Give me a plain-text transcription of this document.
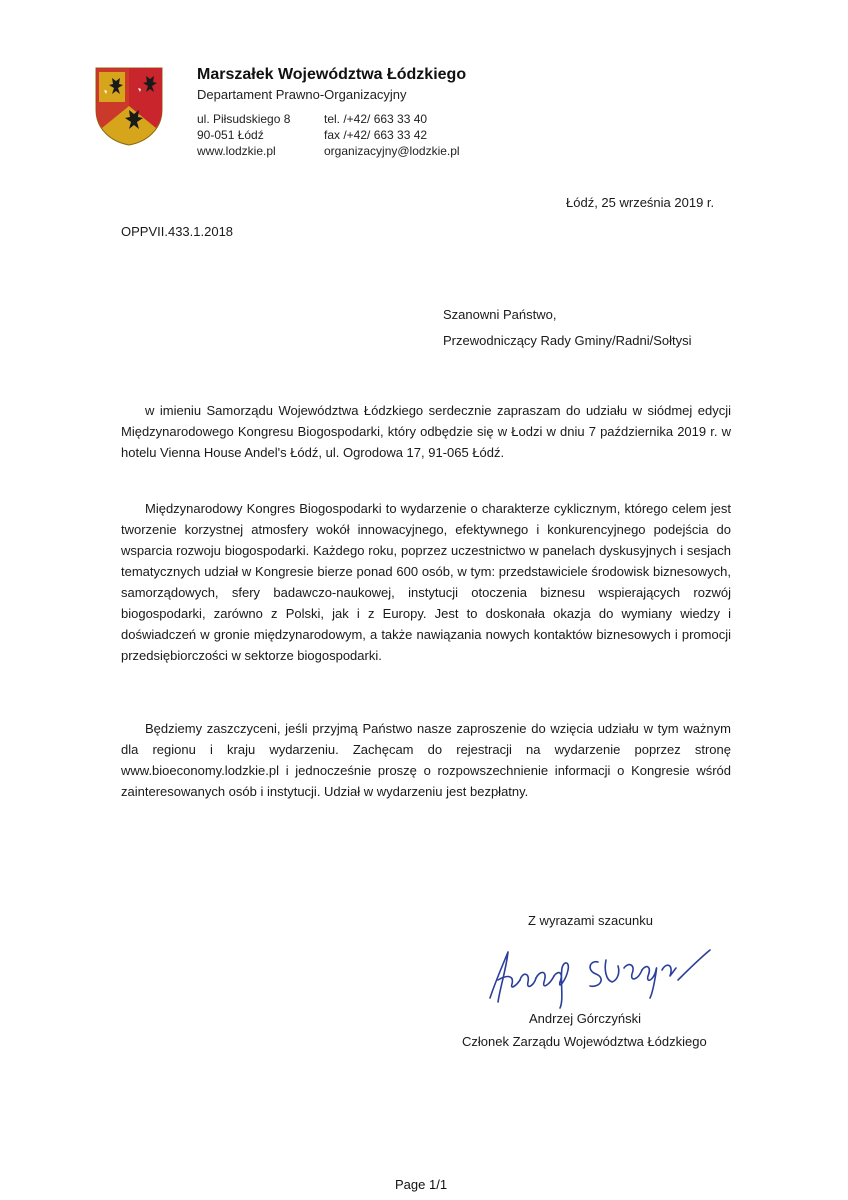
Marszałek Województwa Łódzkiego
Departament Prawno-Organizacyjny
ul. Piłsudskiego 8
90-051 Łódź
www.lodzkie.pl
tel. /+42/ 663 33 40
fax /+42/ 663 33 42
organizacyjny@lodzkie.pl
Łódź, 25 września 2019 r.
OPPVII.433.1.2018
Szanowni Państwo,
Przewodniczący Rady Gminy/Radni/Sołtysi

w imieniu Samorządu Województwa Łódzkiego serdecznie zapraszam do udziału w siódmej edycji Międzynarodowego Kongresu Biogospodarki, który odbędzie się w Łodzi w dniu 7 października 2019 r. w hotelu Vienna House Andel's Łódź, ul. Ogrodowa 17, 91-065 Łódź.

Międzynarodowy Kongres Biogospodarki to wydarzenie o charakterze cyklicznym, którego celem jest tworzenie korzystnej atmosfery wokół innowacyjnego, efektywnego i konkurencyjnego podejścia do wsparcia rozwoju biogospodarki. Każdego roku, poprzez uczestnictwo w panelach dyskusyjnych i sesjach tematycznych udział w Kongresie bierze ponad 600 osób, w tym: przedstawiciele środowisk biznesowych, samorządowych, sfery badawczo-naukowej, instytucji otoczenia biznesu wspierających rozwój biogospodarki, zarówno z Polski, jak i z Europy. Jest to doskonała okazja do wymiany wiedzy i doświadczeń w gronie międzynarodowym, a także nawiązania nowych kontaktów biznesowych i promocji przedsiębiorczości w sektorze biogospodarki.

Będziemy zaszczyceni, jeśli przyjmą Państwo nasze zaproszenie do wzięcia udziału w tym ważnym dla regionu i kraju wydarzeniu. Zachęcam do rejestracji na wydarzenie poprzez stronę www.bioeconomy.lodzkie.pl i jednocześnie proszę o rozpowszechnienie informacji o Kongresie wśród zainteresowanych osób i instytucji. Udział w wydarzeniu jest bezpłatny.

Z wyrazami szacunku
Andrzej Górczyński
Członek Zarządu Województwa Łódzkiego
Page 1/1
